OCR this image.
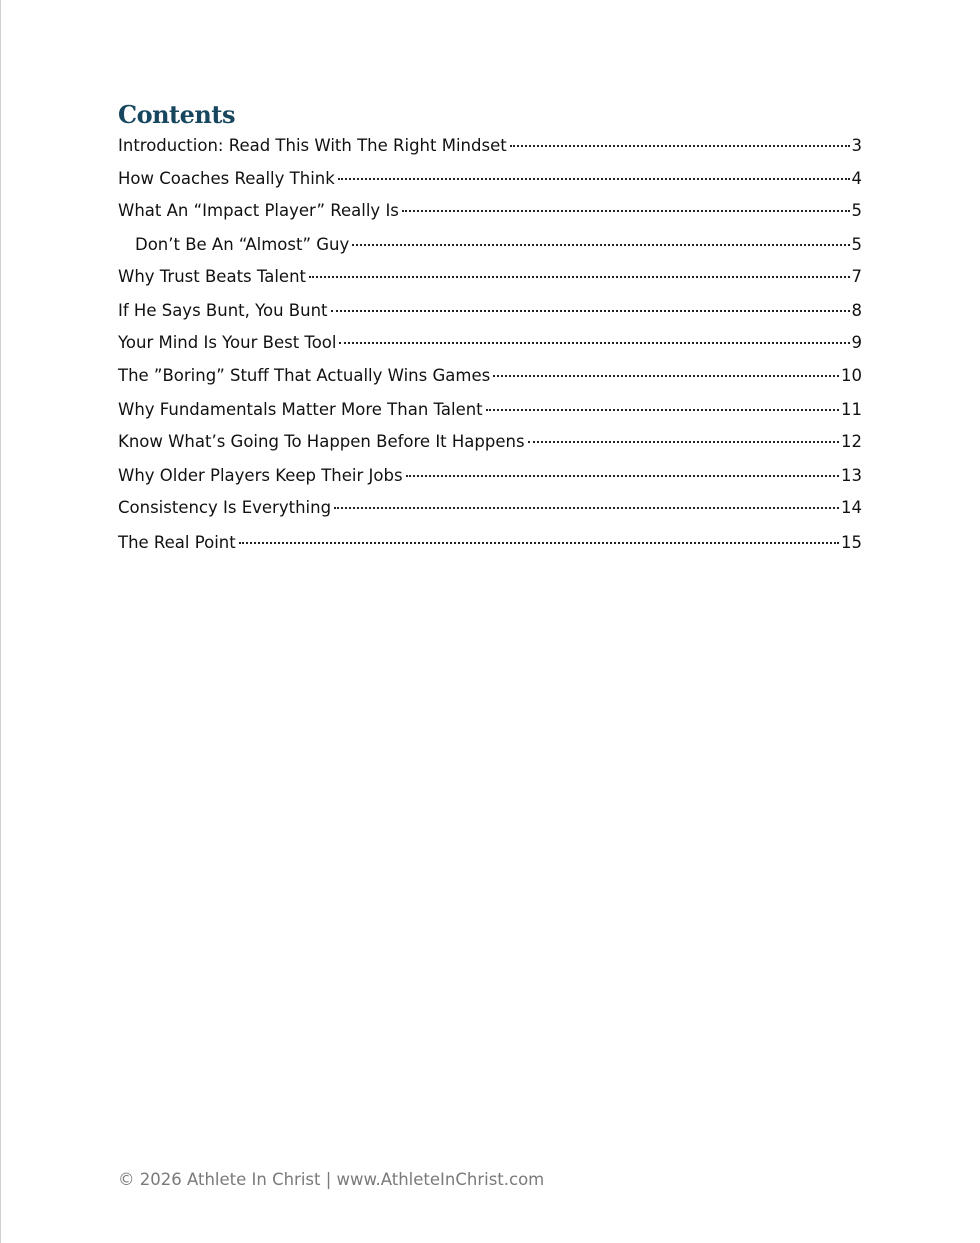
Contents
Introduction: Read This With The Right Mindset	3
How Coaches Really Think	4
What An “Impact Player” Really Is	5
Don’t Be An “Almost” Guy	5
Why Trust Beats Talent	7
If He Says Bunt, You Bunt	8
Your Mind Is Your Best Tool	9
The ”Boring” Stuff That Actually Wins Games	10
Why Fundamentals Matter More Than Talent	11
Know What’s Going To Happen Before It Happens	12
Why Older Players Keep Their Jobs	13
Consistency Is Everything	14
The Real Point	15
© 2026 Athlete In Christ | www.AthleteInChrist.com
